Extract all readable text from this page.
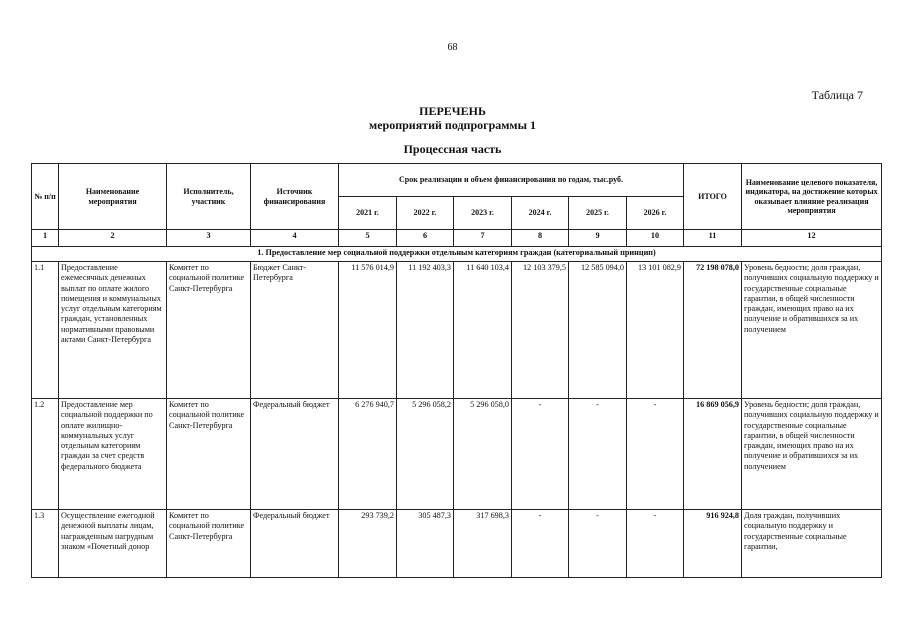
68
Таблица 7
ПЕРЕЧЕНЬ
мероприятий подпрограммы 1
Процессная часть
№ п/п	Наименование мероприятия	Исполнитель, участник	Источник финансирования	Срок реализации и объем финансирования по годам, тыс.руб.						ИТОГО	Наименование целевого показателя, индикатора, на достижение которых оказывает влияние реализация мероприятия
				2021 г.	2022 г.	2023 г.	2024 г.	2025 г.	2026 г.		
1	2	3	4	5	6	7	8	9	10	11	12
1. Предоставление мер социальной поддержки отдельным категориям граждан (категориальный принцип)											
1.1	Предоставление ежемесячных денежных выплат по оплате жилого помещения и коммунальных услуг отдельным категориям граждан, установленных нормативными правовыми актами Санкт-Петербурга	Комитет по социальной политике Санкт-Петербурга	Бюджет Санкт-Петербурга	11 576 014,9	11 192 403,3	11 640 103,4	12 103 379,5	12 585 094,0	13 101 082,9	72 198 078,0	Уровень бедности; доля граждан, получивших социальную поддержку и государственные социальные гарантии, в общей численности граждан, имеющих право на их получение и обратившихся за их получением
1.2	Предоставление мер социальной поддержки по оплате жилищно-коммунальных услуг отдельным категориям граждан за счет средств федерального бюджета	Комитет по социальной политике Санкт-Петербурга	Федеральный бюджет	6 276 940,7	5 296 058,2	5 296 058,0	-	-	-	16 869 056,9	Уровень бедности; доля граждан, получивших социальную поддержку и государственные социальные гарантии, в общей численности граждан, имеющих право на их получение и обратившихся за их получением
1.3	Осуществление ежегодной денежной выплаты лицам, награжденным нагрудным знаком «Почетный донор	Комитет по социальной политике Санкт-Петербурга	Федеральный бюджет	293 739,2	305 487,3	317 698,3	-	-	-	916 924,8	Доля граждан, получивших социальную поддержку и государственные социальные гарантии,
